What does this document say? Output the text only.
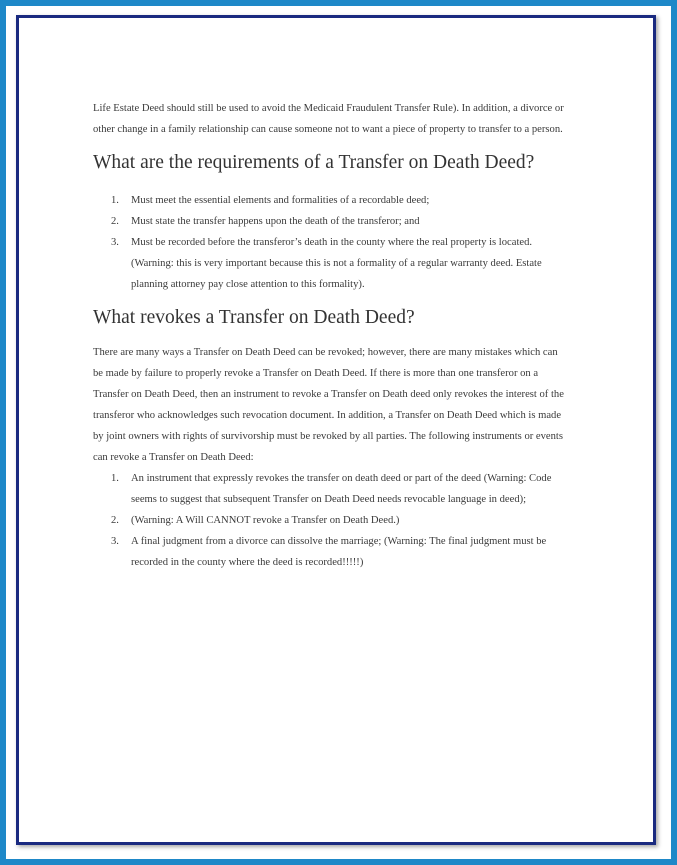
Life Estate Deed should still be used to avoid the Medicaid Fraudulent Transfer Rule). In addition, a divorce or
other change in a family relationship can cause someone not to want a piece of property to transfer to a person.

What are the requirements of a Transfer on Death Deed?
1. Must meet the essential elements and formalities of a recordable deed;
2. Must state the transfer happens upon the death of the transferor; and
3. Must be recorded before the transferor’s death in the county where the real property is located.
(Warning: this is very important because this is not a formality of a regular warranty deed. Estate
planning attorney pay close attention to this formality).
What revokes a Transfer on Death Deed?

There are many ways a Transfer on Death Deed can be revoked; however, there are many mistakes which can
be made by failure to properly revoke a Transfer on Death Deed. If there is more than one transferor on a
Transfer on Death Deed, then an instrument to revoke a Transfer on Death deed only revokes the interest of the
transferor who acknowledges such revocation document. In addition, a Transfer on Death Deed which is made
by joint owners with rights of survivorship must be revoked by all parties. The following instruments or events
can revoke a Transfer on Death Deed:

1. An instrument that expressly revokes the transfer on death deed or part of the deed (Warning: Code
seems to suggest that subsequent Transfer on Death Deed needs revocable language in deed);
2. (Warning: A Will CANNOT revoke a Transfer on Death Deed.)
3. A final judgment from a divorce can dissolve the marriage; (Warning: The final judgment must be
recorded in the county where the deed is recorded!!!!!)
